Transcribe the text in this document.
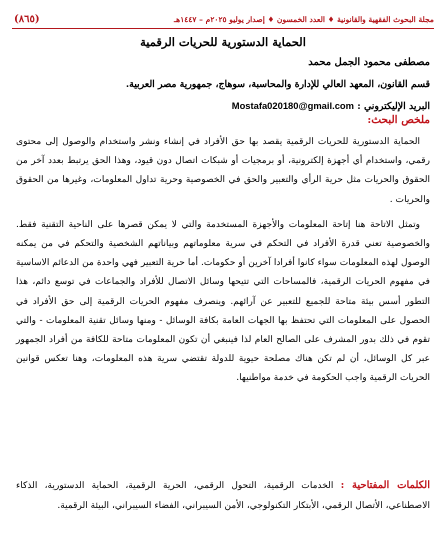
مجلة البحوث الفقهية والقانونية ♦ العدد الخمسون ♦ إصدار يوليو ٢٠٢٥م – ١٤٤٧هـ
(٨٦٥)
الحماية الدستورية للحريات الرقمية
مصطفى محمود الجمل محمد
قسم القانون، المعهد العالي للإدارة والمحاسبة، سوهاج، جمهورية مصر العربية.
البريد الإليكتروني : Mostafa020180@gmail.com
ملخص البحث:

الحماية الدستورية للحريات الرقمية يقصد بها حق الأفراد في إنشاء ونشر واستخدام والوصول إلى محتوى رقمي، واستخدام أي أجهزة إلكترونية، أو برمجيات أو شبكات اتصال دون قيود، وهذا الحق يرتبط بعدد آخر من الحقوق والحريات مثل حرية الرأي والتعبير والحق في الخصوصية وحرية تداول المعلومات، وغيرها من الحقوق والحريات .

وتمثل الاتاحة هنا إتاحة المعلومات والأجهزة المستخدمة والتي لا يمكن قصرها على الناحية التقنية فقط. والخصوصية تعني قدرة الأفراد في التحكم في سرية معلوماتهم وبياناتهم الشخصية والتحكم في من يمكنه الوصول لهذه المعلومات سواء كانوا أفرادا آخرين أو حكومات. أما حرية التعبير فهي واحدة من الدعائم الاساسية في مفهوم الحريات الرقمية، فالمساحات التي تتيحها وسائل الاتصال للأفراد والجماعات في توسع دائم، هذا التطور أسس بيئة متاحة للجميع للتعبير عن آرائهم. وينصرف مفهوم الحريات الرقمية إلى حق الأفراد في الحصول على المعلومات التي تحتفظ بها الجهات العامة بكافة الوسائل - ومنها وسائل تقنية المعلومات - والتي تقوم في ذلك بدور المشرف على الصالح العام لذا فينبغي أن تكون المعلومات متاحة للكافة من أفراد الجمهور عبر كل الوسائل، أن لم تكن هناك مصلحة حيوية للدولة تقتضي سرية هذه المعلومات، وهنا تعكس قوانين الحريات الرقمية واجب الحكومة في خدمة مواطنيها.

الكلمات المفتاحية : الخدمات الرقمية، التحول الرقمي، الحرية الرقمية، الحماية الدستورية، الذكاء الاصطناعي، الأتصال الرقمي، الأبتكار التكنولوجي، الأمن السيبراني، الفضاء السيبراني، البيئة الرقمية.
